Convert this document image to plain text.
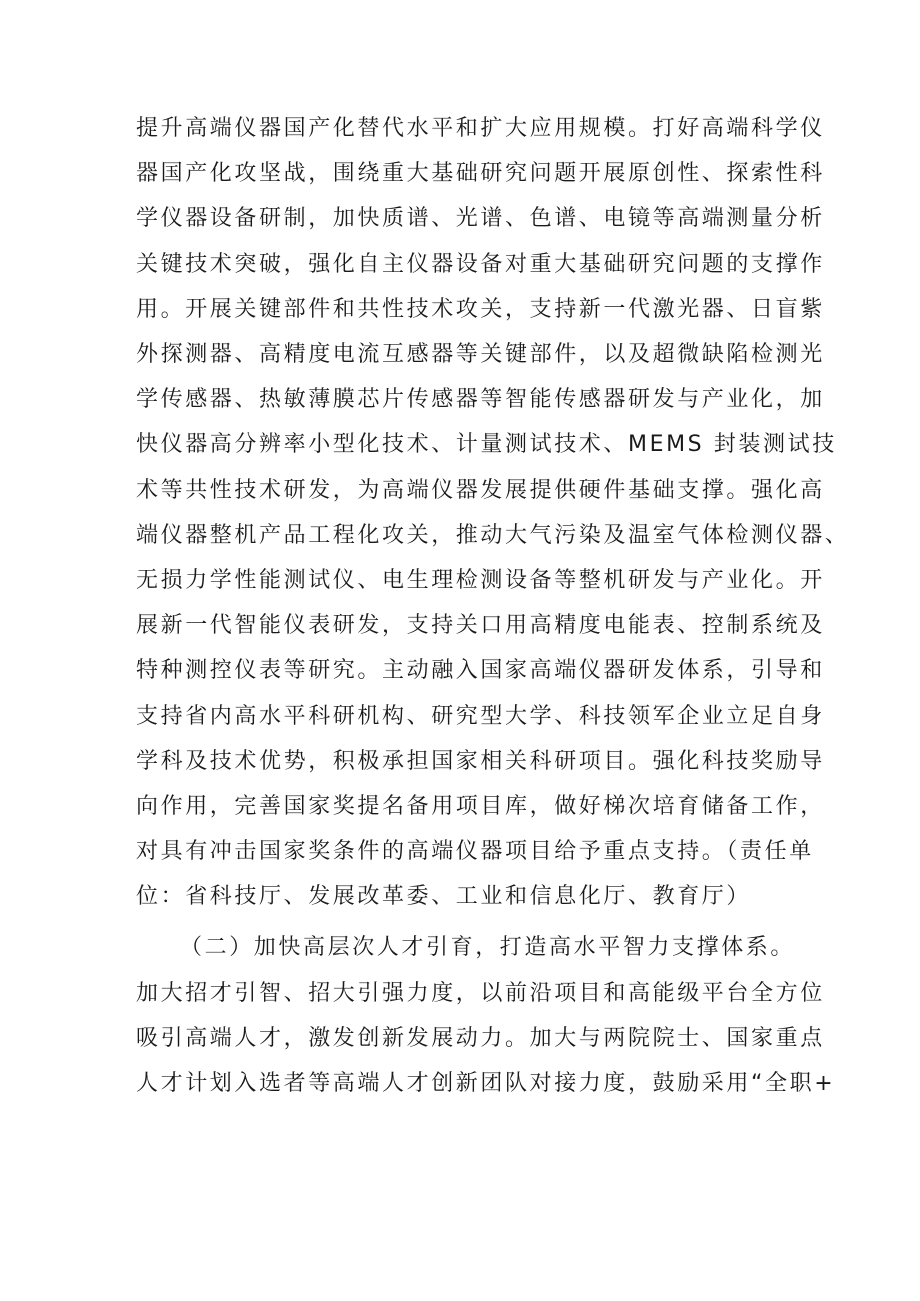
提升高端仪器国产化替代水平和扩大应用规模。打好高端科学仪
器国产化攻坚战，围绕重大基础研究问题开展原创性、探索性科
学仪器设备研制，加快质谱、光谱、色谱、电镜等高端测量分析
关键技术突破，强化自主仪器设备对重大基础研究问题的支撑作
用。开展关键部件和共性技术攻关，支持新一代激光器、日盲紫
外探测器、高精度电流互感器等关键部件，以及超微缺陷检测光
学传感器、热敏薄膜芯片传感器等智能传感器研发与产业化，加
快仪器高分辨率小型化技术、计量测试技术、MEMS 封装测试技
术等共性技术研发，为高端仪器发展提供硬件基础支撑。强化高
端仪器整机产品工程化攻关，推动大气污染及温室气体检测仪器、
无损力学性能测试仪、电生理检测设备等整机研发与产业化。开
展新一代智能仪表研发，支持关口用高精度电能表、控制系统及
特种测控仪表等研究。主动融入国家高端仪器研发体系，引导和
支持省内高水平科研机构、研究型大学、科技领军企业立足自身
学科及技术优势，积极承担国家相关科研项目。强化科技奖励导
向作用，完善国家奖提名备用项目库，做好梯次培育储备工作，
对具有冲击国家奖条件的高端仪器项目给予重点支持。（责任单
位：省科技厅、发展改革委、工业和信息化厅、教育厅）
（二）加快高层次人才引育，打造高水平智力支撑体系。
加大招才引智、招大引强力度，以前沿项目和高能级平台全方位
吸引高端人才，激发创新发展动力。加大与两院院士、国家重点
人才计划入选者等高端人才创新团队对接力度，鼓励采用“全职+
